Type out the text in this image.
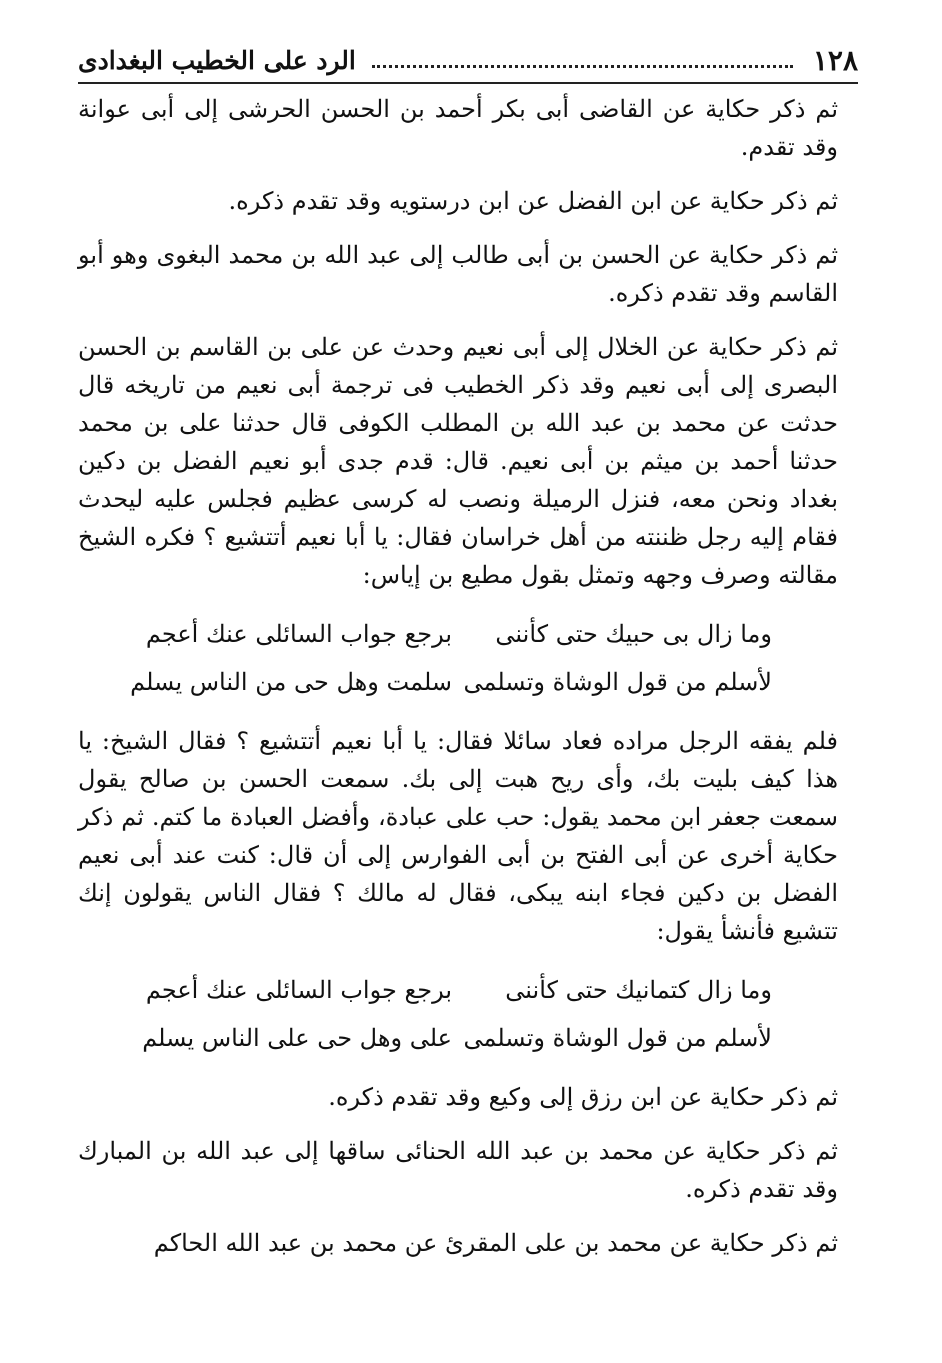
١٢٨
الرد على الخطيب البغدادى

ثم ذكر حكاية عن القاضى أبى بكر أحمد بن الحسن الحرشى إلى أبى عوانة وقد تقدم.

ثم ذكر حكاية عن ابن الفضل عن ابن درستويه وقد تقدم ذكره.

ثم ذكر حكاية عن الحسن بن أبى طالب إلى عبد الله بن محمد البغوى وهو أبو القاسم وقد تقدم ذكره.

ثم ذكر حكاية عن الخلال إلى أبى نعيم وحدث عن على بن القاسم بن الحسن البصرى إلى أبى نعيم وقد ذكر الخطيب فى ترجمة أبى نعيم من تاريخه قال حدثت عن محمد بن عبد الله بن المطلب الكوفى قال حدثنا على بن محمد حدثنا أحمد بن ميثم بن أبى نعيم. قال: قدم جدى أبو نعيم الفضل بن دكين بغداد ونحن معه، فنزل الرميلة ونصب له كرسى عظيم فجلس عليه ليحدث فقام إليه رجل ظننته من أهل خراسان فقال: يا أبا نعيم أتتشيع ؟ فكره الشيخ مقالته وصرف وجهه وتمثل بقول مطيع بن إياس:

وما زال بى حبيك حتى كأننى
برجع جواب السائلى عنك أعجم
لأسلم من قول الوشاة وتسلمى
سلمت وهل حى من الناس يسلم

فلم يفقه الرجل مراده فعاد سائلا فقال: يا أبا نعيم أتتشيع ؟ فقال الشيخ: يا هذا كيف بليت بك، وأى ريح هبت إلى بك. سمعت الحسن بن صالح يقول سمعت جعفر ابن محمد يقول: حب على عبادة، وأفضل العبادة ما كتم. ثم ذكر حكاية أخرى عن أبى الفتح بن أبى الفوارس إلى أن قال: كنت عند أبى نعيم الفضل بن دكين فجاء ابنه يبكى، فقال له مالك ؟ فقال الناس يقولون إنك تتشيع فأنشأ يقول:

وما زال كتمانيك حتى كأننى
برجع جواب السائلى عنك أعجم
لأسلم من قول الوشاة وتسلمى
على وهل حى على الناس يسلم

ثم ذكر حكاية عن ابن رزق إلى وكيع وقد تقدم ذكره.

ثم ذكر حكاية عن محمد بن عبد الله الحنائى ساقها إلى عبد الله بن المبارك وقد تقدم ذكره.

ثم ذكر حكاية عن محمد بن على المقرئ عن محمد بن عبد الله الحاكم
